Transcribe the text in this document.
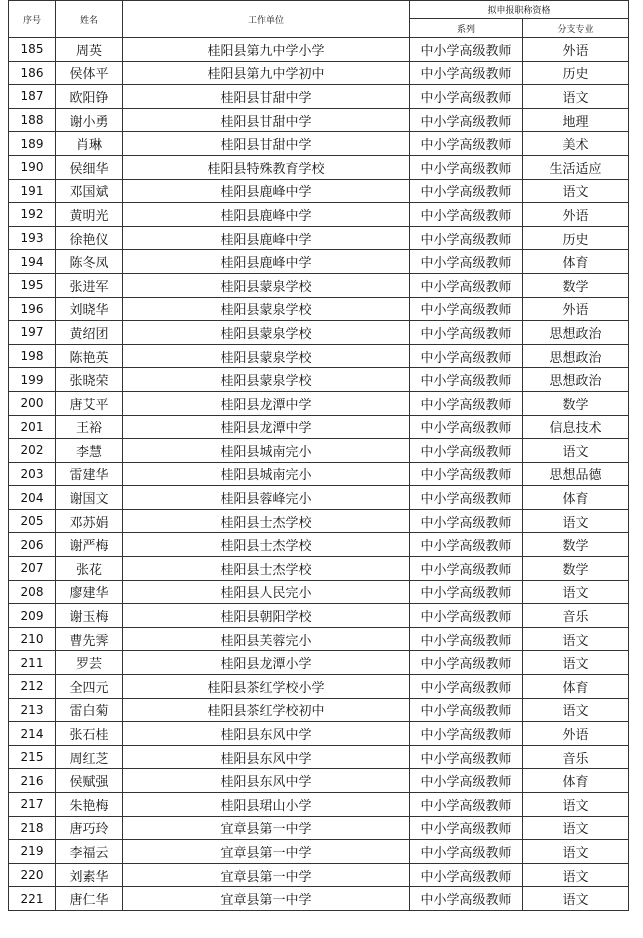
序号	姓名	工作单位	拟申报职称资格	
			系列	分支专业
185	周英	桂阳县第九中学小学	中小学高级教师	外语
186	侯体平	桂阳县第九中学初中	中小学高级教师	历史
187	欧阳铮	桂阳县甘甜中学	中小学高级教师	语文
188	谢小勇	桂阳县甘甜中学	中小学高级教师	地理
189	肖琳	桂阳县甘甜中学	中小学高级教师	美术
190	侯细华	桂阳县特殊教育学校	中小学高级教师	生活适应
191	邓国斌	桂阳县鹿峰中学	中小学高级教师	语文
192	黄明光	桂阳县鹿峰中学	中小学高级教师	外语
193	徐艳仪	桂阳县鹿峰中学	中小学高级教师	历史
194	陈冬凤	桂阳县鹿峰中学	中小学高级教师	体育
195	张进军	桂阳县蒙泉学校	中小学高级教师	数学
196	刘晓华	桂阳县蒙泉学校	中小学高级教师	外语
197	黄绍团	桂阳县蒙泉学校	中小学高级教师	思想政治
198	陈艳英	桂阳县蒙泉学校	中小学高级教师	思想政治
199	张晓荣	桂阳县蒙泉学校	中小学高级教师	思想政治
200	唐艾平	桂阳县龙潭中学	中小学高级教师	数学
201	王裕	桂阳县龙潭中学	中小学高级教师	信息技术
202	李慧	桂阳县城南完小	中小学高级教师	语文
203	雷建华	桂阳县城南完小	中小学高级教师	思想品德
204	谢国文	桂阳县蓉峰完小	中小学高级教师	体育
205	邓苏娟	桂阳县士杰学校	中小学高级教师	语文
206	谢严梅	桂阳县士杰学校	中小学高级教师	数学
207	张花	桂阳县士杰学校	中小学高级教师	数学
208	廖建华	桂阳县人民完小	中小学高级教师	语文
209	谢玉梅	桂阳县朝阳学校	中小学高级教师	音乐
210	曹先霁	桂阳县芙蓉完小	中小学高级教师	语文
211	罗芸	桂阳县龙潭小学	中小学高级教师	语文
212	全四元	桂阳县茶红学校小学	中小学高级教师	体育
213	雷白菊	桂阳县茶红学校初中	中小学高级教师	语文
214	张石桂	桂阳县东风中学	中小学高级教师	外语
215	周红芝	桂阳县东风中学	中小学高级教师	音乐
216	侯赋强	桂阳县东风中学	中小学高级教师	体育
217	朱艳梅	桂阳县珺山小学	中小学高级教师	语文
218	唐巧玲	宜章县第一中学	中小学高级教师	语文
219	李福云	宜章县第一中学	中小学高级教师	语文
220	刘素华	宜章县第一中学	中小学高级教师	语文
221	唐仁华	宜章县第一中学	中小学高级教师	语文
